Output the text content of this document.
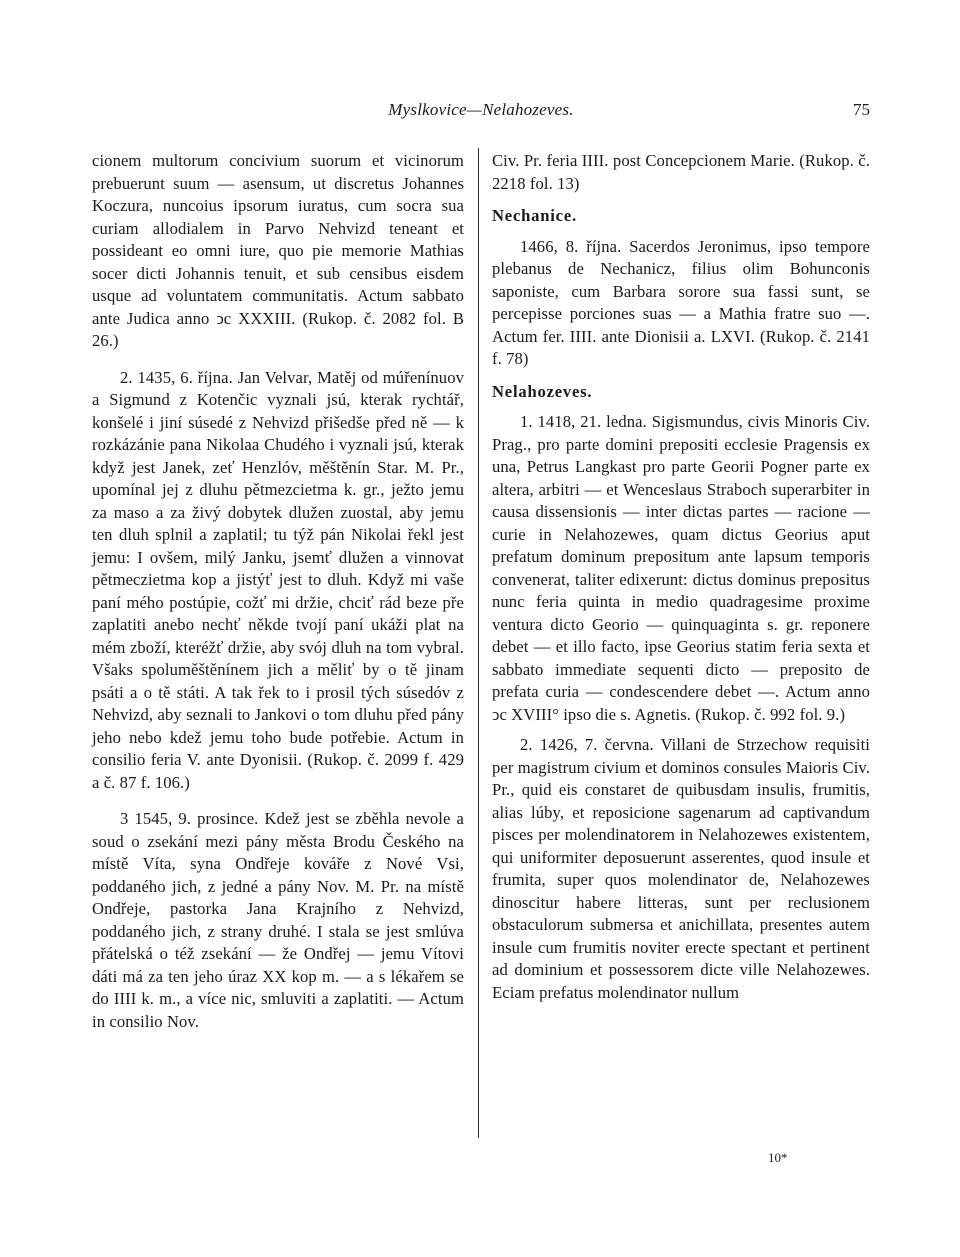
Myslkovice—Nelahozeves.	75

cionem multorum concivium suorum et vicinorum prebuerunt suum — asensum, ut discretus Johannes Koczura, nuncoius ipsorum iuratus, cum socra sua curiam allodialem in Parvo Nehvizd teneant et possideant eo omni iure, quo pie memorie Mathias socer dicti Johannis tenuit, et sub censibus eisdem usque ad voluntatem communitatis. Actum sabbato ante Judica anno ͻc XXXIII. (Rukop. č. 2082 fol. B 26.)

2. 1435, 6. října. Jan Velvar, Matěj od múřenínuov a Sigmund z Kotenčic vyznali jsú, kterak rychtář, konšelé i jiní súsedé z Nehvizd přišedše před ně — k rozkázánie pana Nikolaa Chudého i vyznali jsú, kterak když jest Janek, zeť Henzlóv, měštěnín Star. M. Pr., upomínal jej z dluhu pětmezcietma k. gr., ježto jemu za maso a za živý dobytek dlužen zuostal, aby jemu ten dluh splnil a zaplatil; tu týž pán Nikolai řekl jest jemu: I ovšem, milý Janku, jsemť dlužen a vinnovat pětmeczietma kop a jistýť jest to dluh. Když mi vaše paní mého postúpie, cožť mi držie, chciť rád beze pře zaplatiti anebo nechť někde tvojí paní ukáži plat na mém zboží, kteréžť držie, aby svój dluh na tom vybral. Všaks spoluměštěnínem jich a měliť by o tě jinam psáti a o tě státi. A tak řek to i prosil tých súsedóv z Nehvizd, aby seznali to Jankovi o tom dluhu před pány jeho nebo kdež jemu toho bude potřebie. Actum in consilio feria V. ante Dyonisii. (Rukop. č. 2099 f. 429 a č. 87 f. 106.)

3 1545, 9. prosince. Kdež jest se zběhla nevole a soud o zsekání mezi pány města Brodu Českého na místě Víta, syna Ondřeje kováře z Nové Vsi, poddaného jich, z jedné a pány Nov. M. Pr. na místě Ondřeje, pastorka Jana Krajního z Nehvizd, poddaného jich, z strany druhé. I stala se jest smlúva přátelská o též zsekání — že Ondřej — jemu Vítovi dáti má za ten jeho úraz XX kop m. — a s lékařem se do IIII k. m., a více nic, smluviti a zaplatiti. — Actum in consilio Nov.

Civ. Pr. feria IIII. post Concepcionem Marie. (Rukop. č. 2218 fol. 13)

Nechanice.

1466, 8. října. Sacerdos Jeronimus, ipso tempore plebanus de Nechanicz, filius olim Bohunconis saponiste, cum Barbara sorore sua fassi sunt, se percepisse porciones suas — a Mathia fratre suo —. Actum fer. IIII. ante Dionisii a. LXVI. (Rukop. č. 2141 f. 78)

Nelahozeves.

1. 1418, 21. ledna. Sigismundus, civis Minoris Civ. Prag., pro parte domini prepositi ecclesie Pragensis ex una, Petrus Langkast pro parte Georii Pogner parte ex altera, arbitri — et Wenceslaus Straboch superarbiter in causa dissensionis — inter dictas partes — racione — curie in Nelahozewes, quam dictus Georius aput prefatum dominum prepositum ante lapsum temporis convenerat, taliter edixerunt: dictus dominus prepositus nunc feria quinta in medio quadragesime proxime ventura dicto Georio — quinquaginta s. gr. reponere debet — et illo facto, ipse Georius statim feria sexta et sabbato immediate sequenti dicto — preposito de prefata curia — condescendere debet —. Actum anno ͻc XVIII° ipso die s. Agnetis. (Rukop. č. 992 fol. 9.)

2. 1426, 7. června. Villani de Strzechow requisiti per magistrum civium et dominos consules Maioris Civ. Pr., quid eis constaret de quibusdam insulis, frumitis, alias lúby, et reposicione sagenarum ad captivandum pisces per molendinatorem in Nelahozewes existentem, qui uniformiter deposuerunt asserentes, quod insule et frumita, super quos molendinator de, Nelahozewes dinoscitur habere litteras, sunt per reclusionem obstaculorum submersa et anichillata, presentes autem insule cum frumitis noviter erecte spectant et pertinent ad dominium et possessorem dicte ville Nelahozewes. Eciam prefatus molendinator nullum

10*
